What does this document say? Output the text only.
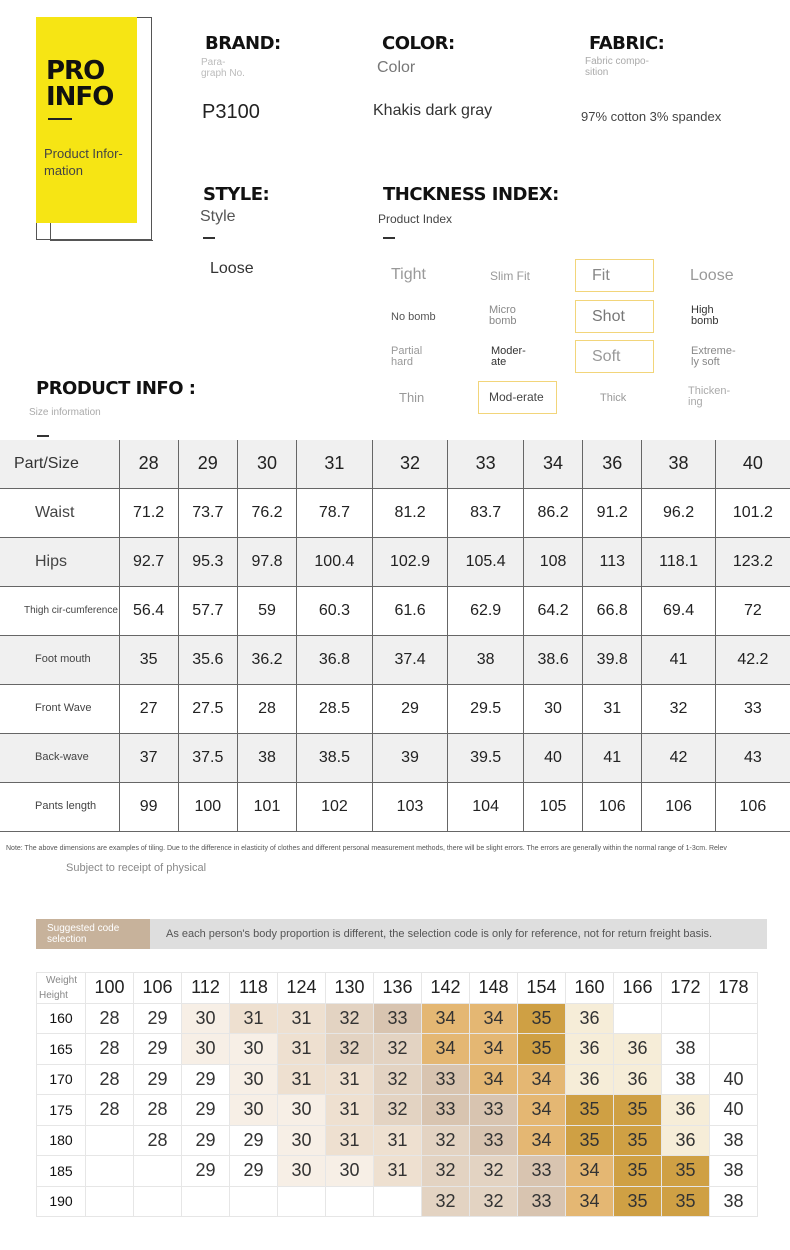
PRO
INFO
Product Infor-mation
BRAND:
Para-graph No.
P3100
COLOR:
Color
Khakis dark gray
FABRIC:
Fabric compo-sition
97% cotton 3% spandex
STYLE:
Style
Loose
THCKNESS INDEX:
Product Index
Tight	Slim Fit	Fit	Loose
No bomb
Micro bomb	Shot	High bomb
Partial hard
Moder-ate	Soft	Extreme-ly soft
Thin	Mod-erate	Thick
Thicken-ing
PRODUCT INFO :
Size information
Part/Size	28	29	30	31	32	33	34	36	38	40
Waist	71.2	73.7	76.2	78.7	81.2	83.7	86.2	91.2	96.2	101.2
Hips	92.7	95.3	97.8	100.4	102.9	105.4	108	113	118.1	123.2
Thigh cir-cumference	56.4	57.7	59	60.3	61.6	62.9	64.2	66.8	69.4	72
Foot mouth	35	35.6	36.2	36.8	37.4	38	38.6	39.8	41	42.2
Front Wave	27	27.5	28	28.5	29	29.5	30	31	32	33
Back-wave	37	37.5	38	38.5	39	39.5	40	41	42	43
Pants length	99	100	101	102	103	104	105	106	106	106
Note: The above dimensions are examples of tiling. Due to the difference in elasticity of clothes and different personal measurement methods, there will be slight errors. The errors are generally within the normal range of 1-3cm. Relev
Subject to receipt of physical
Suggested code selection	As each person's body proportion is different, the selection code is only for reference, not for return freight basis.
Weight
Height	100	106	112	118	124	130	136	142	148	154	160	166	172	178
160	28	29	30	31	31	32	33	34	34	35	36			
165	28	29	30	30	31	32	32	34	34	35	36	36	38	
170	28	29	29	30	31	31	32	33	34	34	36	36	38	40
175	28	28	29	30	30	31	32	33	33	34	35	35	36	40
180		28	29	29	30	31	31	32	33	34	35	35	36	38
185			29	29	30	30	31	32	32	33	34	35	35	38
190								32	32	33	34	35	35	38
